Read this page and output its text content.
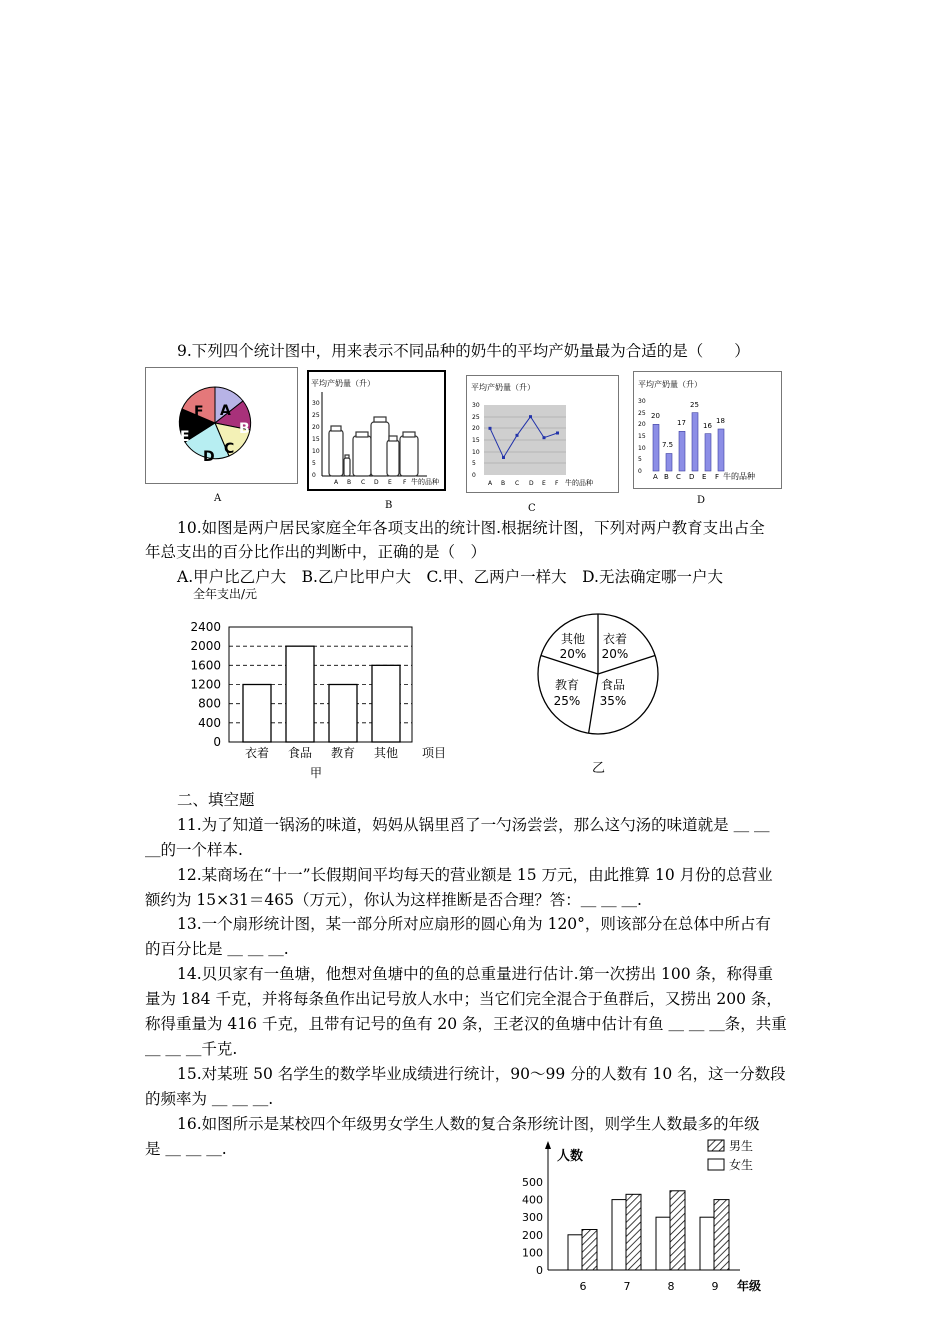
9.下列四个统计图中，用来表示不同品种的奶牛的平均产奶量最为合适的是（　　）
F A
B
C
D
E
A
平均产奶量（升）
30
25
20
15
10
5
0
A B C D E F 牛的品种
B
平均产奶量（升）
30
25
20
15
10
5
0
A B C D E F 牛的品种
C
平均产奶量（升）
30
25
20
15
10
5
0
20
7.5
17
25
16
18
A B C D E F 牛的品种
D
10.如图是两户居民家庭全年各项支出的统计图.根据统计图，下列对两户教育支出占全
年总支出的百分比作出的判断中，正确的是（　）
A.甲户比乙户大　B.乙户比甲户大　C.甲、乙两户一样大　D.无法确定哪一户大
全年支出/元
2400
2000
1600
1200
800
400
0
衣着 食品 教育 其他 项目
甲
其他
20%
衣着
20%
教育
25%
食品
35%
乙
二、填空题
11.为了知道一锅汤的味道，妈妈从锅里舀了一勺汤尝尝，那么这勺汤的味道就是 ＿ ＿
＿的一个样本.
12.某商场在“十一”长假期间平均每天的营业额是 15 万元，由此推算 10 月份的总营业
额约为 15×31＝465（万元），你认为这样推断是否合理？答：＿ ＿ ＿.
13.一个扇形统计图，某一部分所对应扇形的圆心角为 120°，则该部分在总体中所占有
的百分比是 ＿ ＿ ＿.
14.贝贝家有一鱼塘，他想对鱼塘中的鱼的总重量进行估计.第一次捞出 100 条，称得重
量为 184 千克，并将每条鱼作出记号放人水中；当它们完全混合于鱼群后，又捞出 200 条，
称得重量为 416 千克，且带有记号的鱼有 20 条，王老汉的鱼塘中估计有鱼 ＿ ＿ ＿条，共重
＿ ＿ ＿千克.
15.对某班 50 名学生的数学毕业成绩进行统计，90～99 分的人数有 10 名，这一分数段
的频率为 ＿ ＿ ＿.
16.如图所示是某校四个年级男女学生人数的复合条形统计图，则学生人数最多的年级
是 ＿ ＿ ＿.	人数
500
400
300
200
100
0
6	7	8	9 年级
男生
女生
